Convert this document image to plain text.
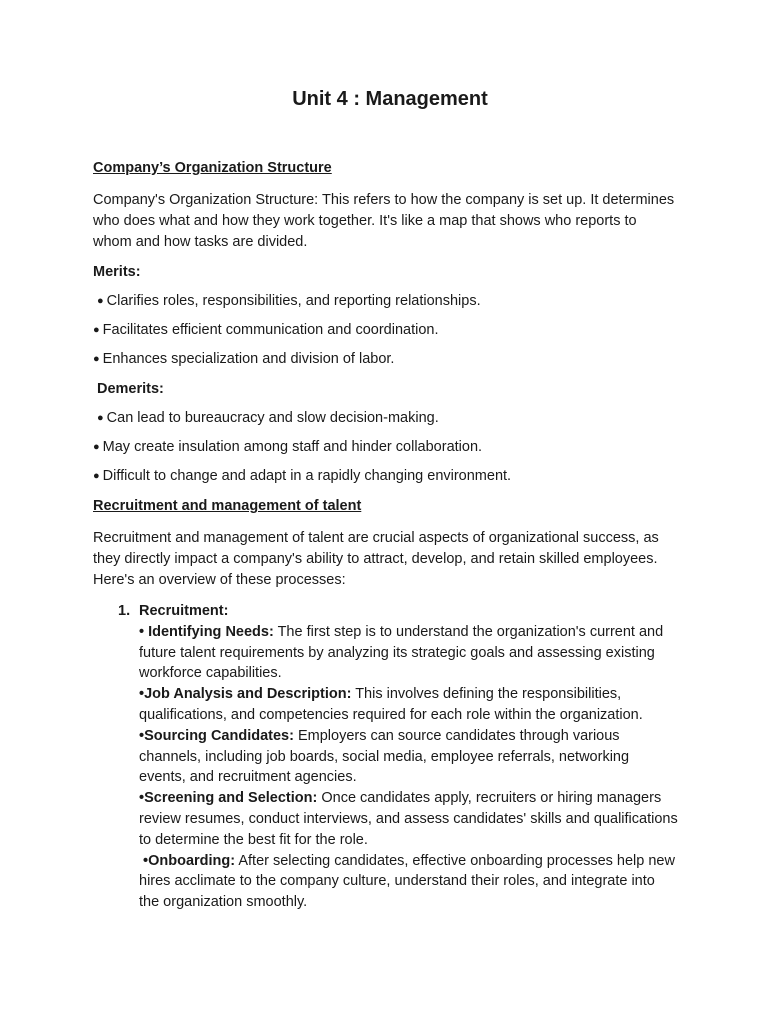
Unit 4 : Management
Company’s Organization Structure

Company's Organization Structure: This refers to how the company is set up. It determines who does what and how they work together. It's like a map that shows who reports to whom and how tasks are divided.

Merits:

● Clarifies roles, responsibilities, and reporting relationships.

● Facilitates efficient communication and coordination.

● Enhances specialization and division of labor.

Demerits:

● Can lead to bureaucracy and slow decision-making.

● May create insulation among staff and hinder collaboration.

● Difficult to change and adapt in a rapidly changing environment.

Recruitment and management of talent

Recruitment and management of talent are crucial aspects of organizational success, as they directly impact a company's ability to attract, develop, and retain skilled employees. Here's an overview of these processes:

1. Recruitment:

• Identifying Needs: The first step is to understand the organization's current and future talent requirements by analyzing its strategic goals and assessing existing workforce capabilities.

•Job Analysis and Description: This involves defining the responsibilities, qualifications, and competencies required for each role within the organization.

•Sourcing Candidates: Employers can source candidates through various channels, including job boards, social media, employee referrals, networking events, and recruitment agencies.

•Screening and Selection: Once candidates apply, recruiters or hiring managers review resumes, conduct interviews, and assess candidates' skills and qualifications to determine the best fit for the role.

•Onboarding: After selecting candidates, effective onboarding processes help new hires acclimate to the company culture, understand their roles, and integrate into the organization smoothly.
